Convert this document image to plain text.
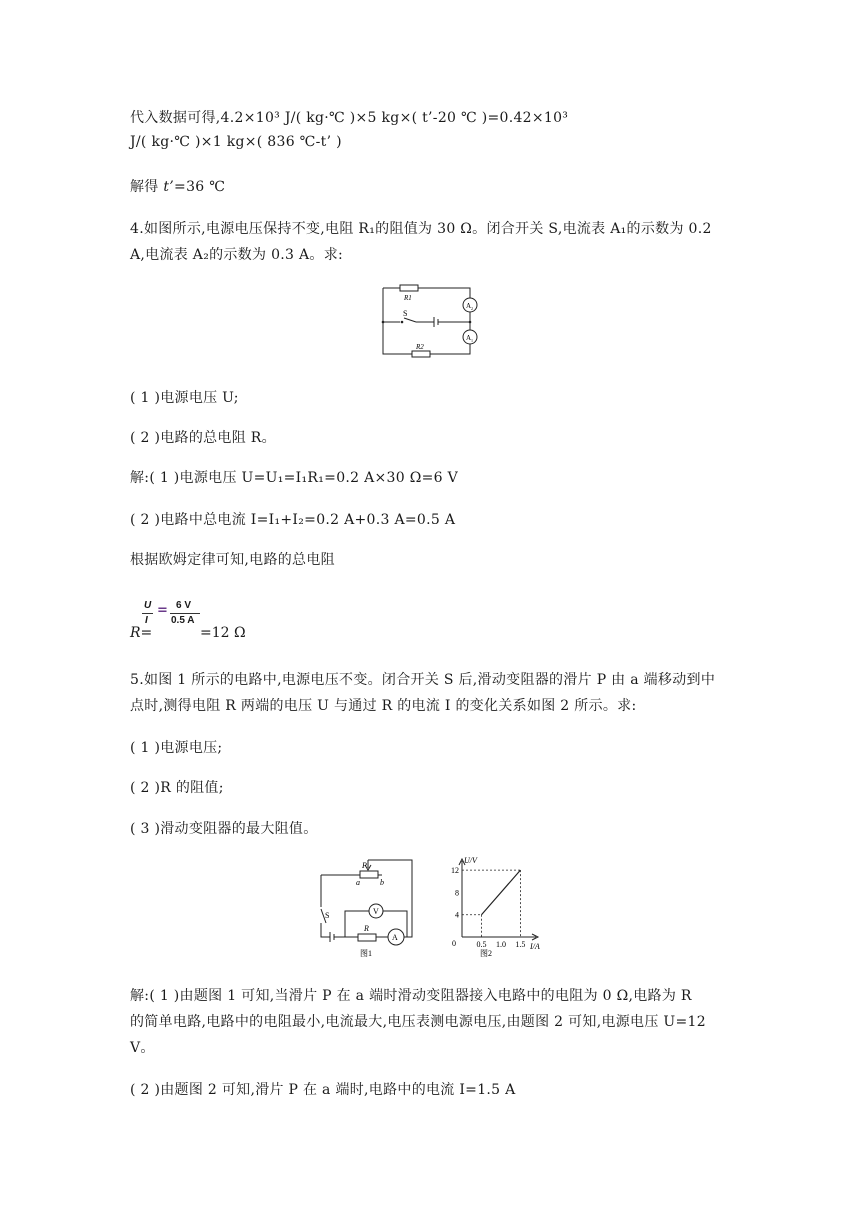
代入数据可得,4.2×10³ J/( kg·℃ )×5 kg×( t’-20 ℃ )=0.42×10³
J/( kg·℃ )×1 kg×( 836 ℃-t’ )
解得 t’=36 ℃
4.如图所示,电源电压保持不变,电阻 R₁的阻值为 30 Ω。闭合开关 S,电流表 A₁的示数为 0.2
A,电流表 A₂的示数为 0.3 A。求:
R1
R2
S
A 2
A 1
( 1 )电源电压 U;
( 2 )电路的总电阻 R。
解:( 1 )电源电压 U=U₁=I₁R₁=0.2 A×30 Ω=6 V
( 2 )电路中总电流 I=I₁+I₂=0.2 A+0.3 A=0.5 A
根据欧姆定律可知,电路的总电阻
U
I
= 6 V
0.5 A
R=	=12 Ω
5.如图 1 所示的电路中,电源电压不变。闭合开关 S 后,滑动变阻器的滑片 P 由 a 端移动到中
点时,测得电阻 R 两端的电压 U 与通过 R 的电流 I 的变化关系如图 2 所示。求:
( 1 )电源电压;
( 2 )R 的阻值;
( 3 )滑动变阻器的最大阻值。
P
a	b
S	V
R
A
图1
4
8
12
0.5 1.0 1.5
U/V
I/A
0
图2
解:( 1 )由题图 1 可知,当滑片 P 在 a 端时滑动变阻器接入电路中的电阻为 0 Ω,电路为 R
的简单电路,电路中的电阻最小,电流最大,电压表测电源电压,由题图 2 可知,电源电压 U=12
V。
( 2 )由题图 2 可知,滑片 P 在 a 端时,电路中的电流 I=1.5 A
